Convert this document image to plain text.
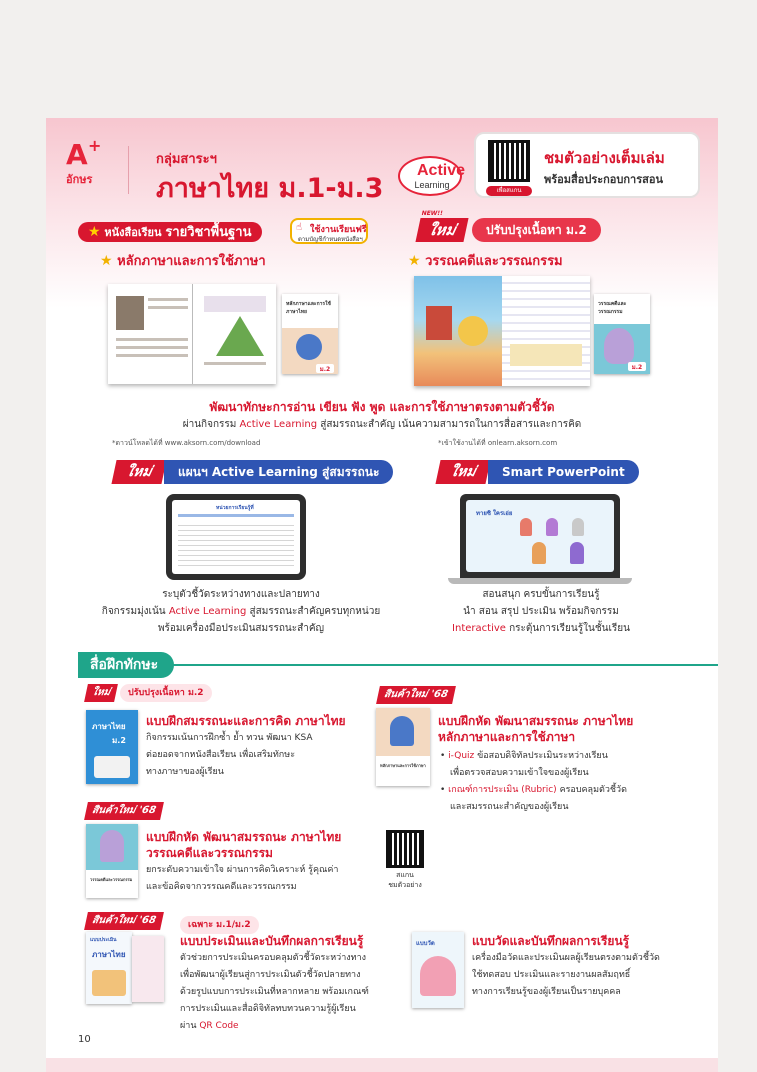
A +
อักษร
กลุ่มสาระฯ
ภาษาไทย ม.1-ม.3
Active
Learning
เพื่อสแกน
ชมตัวอย่างเต็มเล่ม
พร้อมสื่อประกอบการสอน
★ หนังสือเรียน รายวิชาพื้นฐาน	☝ ใช้งานเรียนฟรี
ตามบัญชีกำหนดหนังสือฯ
NEW!!
ใหม่	ปรับปรุงเนื้อหา ม.2
★ หลักภาษาและการใช้ภาษา	★ วรรณคดีและวรรณกรรม
หลักภาษาและการใช้ภาษาไทย
ม.2
วรรณคดีและวรรณกรรม
ม.2
พัฒนาทักษะการอ่าน เขียน ฟัง พูด และการใช้ภาษาตรงตามตัวชี้วัด
ผ่านกิจกรรม Active Learning สู่สมรรถนะสำคัญ เน้นความสามารถในการสื่อสารและการคิด
*ดาวน์โหลดได้ที่ www.aksorn.com/download
ใหม่	แผนฯ Active Learning สู่สมรรถนะ
หน่วยการเรียนรู้ที่
ระบุตัวชี้วัดระหว่างทางและปลายทาง
กิจกรรมมุ่งเน้น Active Learning สู่สมรรถนะสำคัญครบทุกหน่วย
พร้อมเครื่องมือประเมินสมรรถนะสำคัญ
*เข้าใช้งานได้ที่ onlearn.aksorn.com
ใหม่	Smart PowerPoint
ทายซิ ใครเอ่ย
สอนสนุก ครบขั้นการเรียนรู้
นำ สอน สรุป ประเมิน พร้อมกิจกรรม
Interactive กระตุ้นการเรียนรู้ในชั้นเรียน
สื่อฝึกทักษะ
ใหม่	ปรับปรุงเนื้อหา ม.2
ภาษาไทย
ม.2
แบบฝึกสมรรถนะและการคิด ภาษาไทย
กิจกรรมเน้นการฝึกซ้ำ ย้ำ ทวน พัฒนา KSA
ต่อยอดจากหนังสือเรียน เพื่อเสริมทักษะ
ทางภาษาของผู้เรียน
สินค้าใหม่ '68
หลักภาษาและการใช้ภาษา
แบบฝึกหัด พัฒนาสมรรถนะ ภาษาไทย
หลักภาษาและการใช้ภาษา
• i-Quiz ข้อสอบดิจิทัลประเมินระหว่างเรียน
เพื่อตรวจสอบความเข้าใจของผู้เรียน
• เกณฑ์การประเมิน (Rubric) ครอบคลุมตัวชี้วัด
และสมรรถนะสำคัญของผู้เรียน
สินค้าใหม่ '68
วรรณคดีและวรรณกรรม
แบบฝึกหัด พัฒนาสมรรถนะ ภาษาไทย
วรรณคดีและวรรณกรรม
ยกระดับความเข้าใจ ผ่านการคิดวิเคราะห์ รู้คุณค่า
และข้อคิดจากวรรณคดีและวรรณกรรม
สแกน
ชมตัวอย่าง
สินค้าใหม่ '68
แบบประเมิน
ภาษาไทย
เฉพาะ ม.1/ม.2
แบบประเมินและบันทึกผลการเรียนรู้
ตัวช่วยการประเมินครอบคลุมตัวชี้วัดระหว่างทาง
เพื่อพัฒนาผู้เรียนสู่การประเมินตัวชี้วัดปลายทาง
ด้วยรูปแบบการประเมินที่หลากหลาย พร้อมเกณฑ์
การประเมินและสื่อดิจิทัลทบทวนความรู้ผู้เรียน
ผ่าน QR Code
แบบวัด	แบบวัดและบันทึกผลการเรียนรู้
เครื่องมือวัดและประเมินผลผู้เรียนตรงตามตัวชี้วัด
ใช้ทดสอบ ประเมินและรายงานผลสัมฤทธิ์
ทางการเรียนรู้ของผู้เรียนเป็นรายบุคคล
10
